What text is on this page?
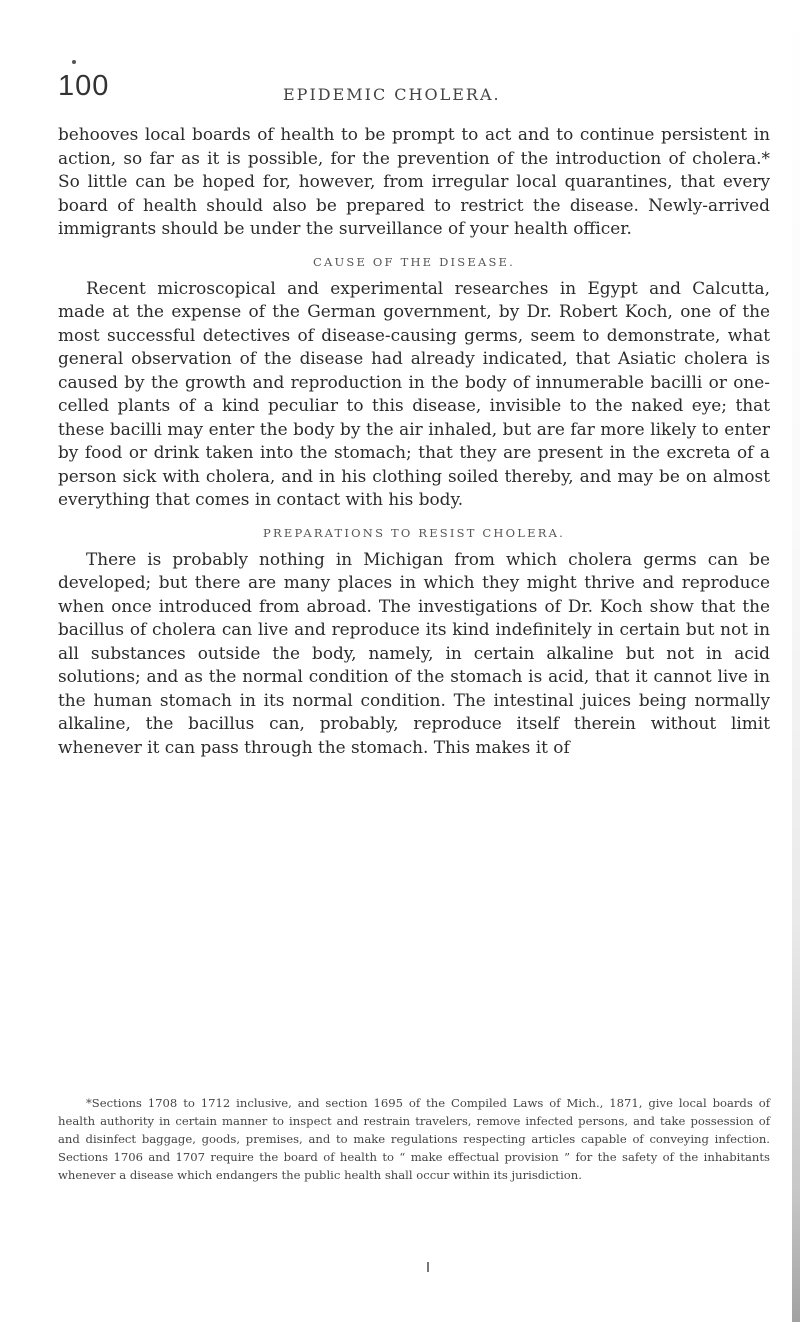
100	EPIDEMIC CHOLERA.

behooves local boards of health to be prompt to act and to continue persistent in action, so far as it is possible, for the prevention of the introduction of cholera.* So little can be hoped for, however, from irregular local quarantines, that every board of health should also be prepared to restrict the disease. Newly-arrived immigrants should be under the surveillance of your health officer.

CAUSE OF THE DISEASE.

Recent microscopical and experimental researches in Egypt and Calcutta, made at the expense of the German government, by Dr. Robert Koch, one of the most successful detectives of disease-causing germs, seem to demonstrate, what general observation of the disease had already indicated, that Asiatic cholera is caused by the growth and reproduction in the body of innumerable bacilli or one-celled plants of a kind peculiar to this disease, invisible to the naked eye; that these bacilli may enter the body by the air inhaled, but are far more likely to enter by food or drink taken into the stomach; that they are present in the excreta of a person sick with cholera, and in his clothing soiled thereby, and may be on almost everything that comes in contact with his body.

PREPARATIONS TO RESIST CHOLERA.

There is probably nothing in Michigan from which cholera germs can be developed; but there are many places in which they might thrive and reproduce when once introduced from abroad. The investigations of Dr. Koch show that the bacillus of cholera can live and reproduce its kind indefinitely in certain but not in all substances outside the body, namely, in certain alkaline but not in acid solutions; and as the normal condition of the stomach is acid, that it cannot live in the human stomach in its normal condition. The intestinal juices being normally alkaline, the bacillus can, probably, reproduce itself therein without limit whenever it can pass through the stomach. This makes it of

*Sections 1708 to 1712 inclusive, and section 1695 of the Compiled Laws of Mich., 1871, give local boards of health authority in certain manner to inspect and restrain travelers, remove infected persons, and take possession of and disinfect baggage, goods, premises, and to make regulations respecting articles capable of conveying infection. Sections 1706 and 1707 require the board of health to “ make effectual provision ” for the safety of the inhabitants whenever a disease which endangers the public health shall occur within its jurisdiction.
